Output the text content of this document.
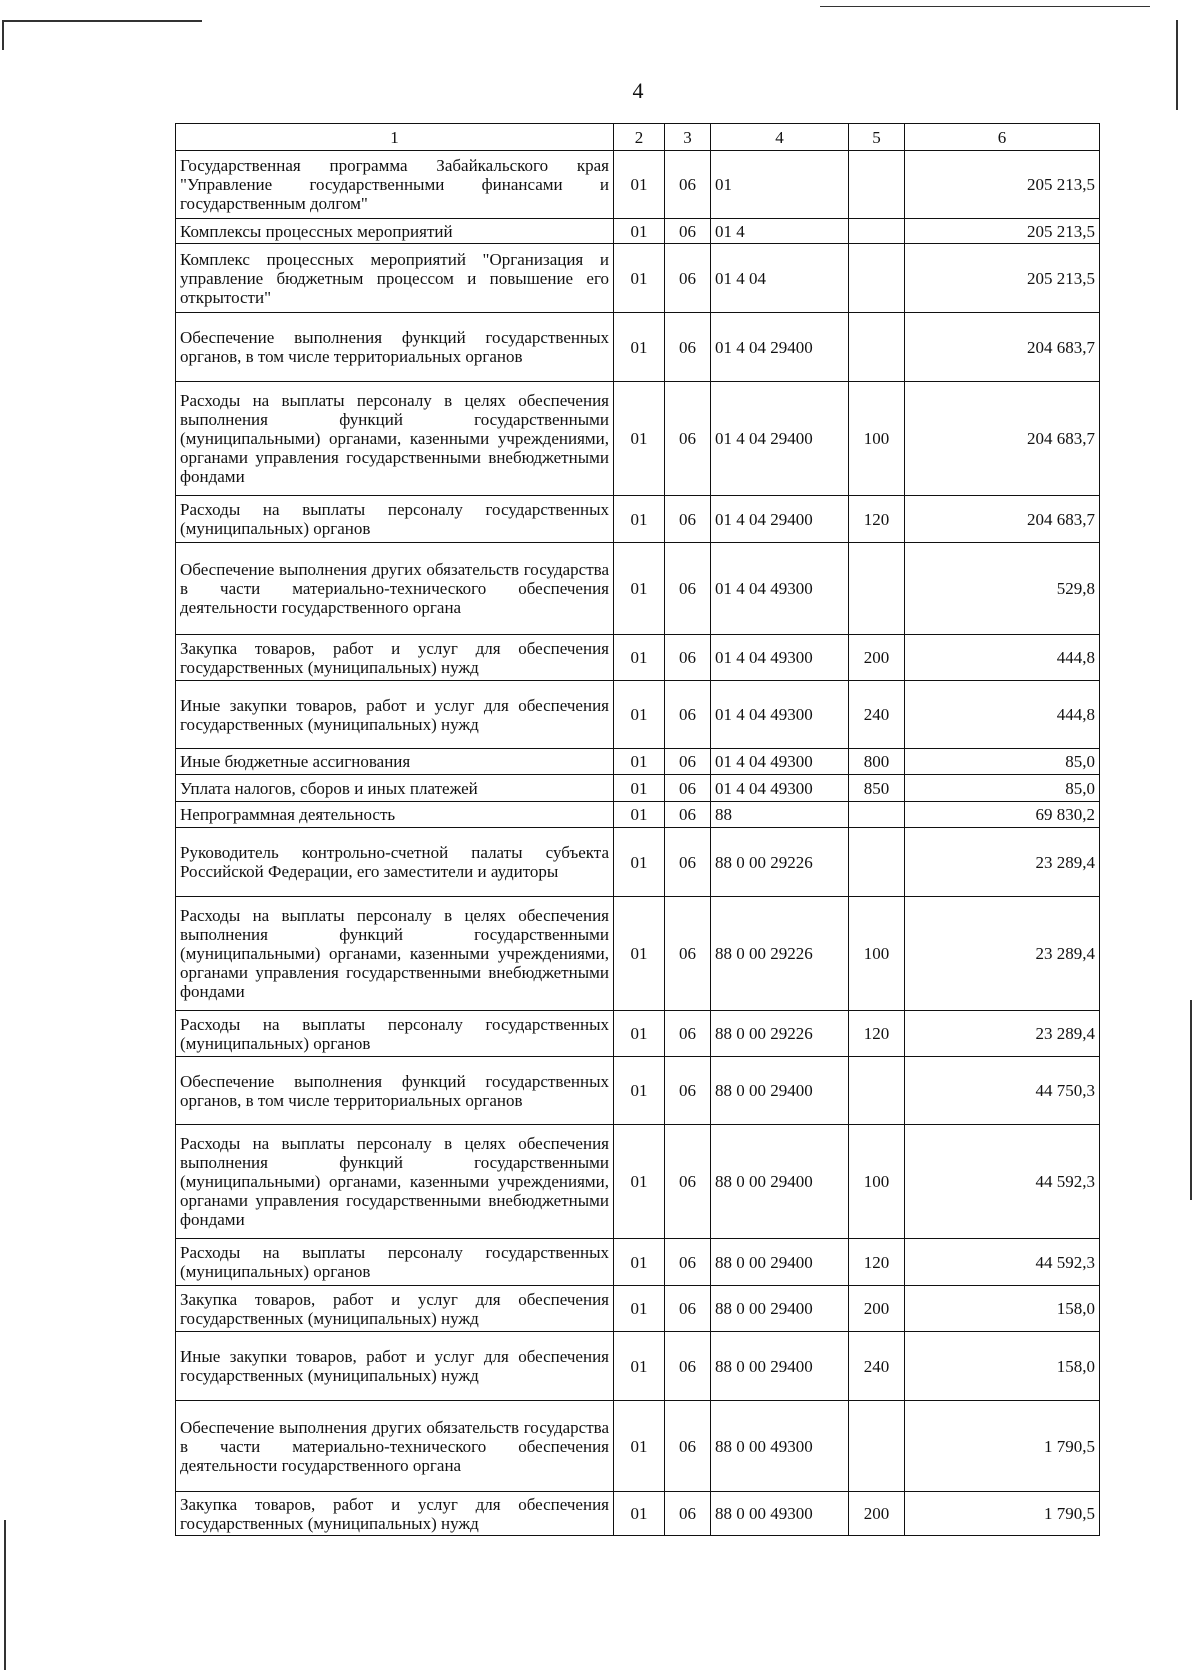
4
1	2	3	4	5	6
Государственная программа Забайкальского края "Управление государственными финансами и государственным долгом"	01	06	01		205 213,5
Комплексы процессных мероприятий	01	06	01 4		205 213,5
Комплекс процессных мероприятий "Организация и управление бюджетным процессом и повышение его открытости"	01	06	01 4 04		205 213,5
Обеспечение выполнения функций государственных органов, в том числе территориальных органов	01	06	01 4 04 29400		204 683,7
Расходы на выплаты персоналу в целях обеспечения выполнения функций государственными (муниципальными) органами, казенными учреждениями, органами управления государственными внебюджетными фондами	01	06	01 4 04 29400	100	204 683,7
Расходы на выплаты персоналу государственных (муниципальных) органов	01	06	01 4 04 29400	120	204 683,7
Обеспечение выполнения других обязательств государства в части материально-технического обеспечения деятельности государственного органа	01	06	01 4 04 49300		529,8
Закупка товаров, работ и услуг для обеспечения государственных (муниципальных) нужд	01	06	01 4 04 49300	200	444,8
Иные закупки товаров, работ и услуг для обеспечения государственных (муниципальных) нужд	01	06	01 4 04 49300	240	444,8
Иные бюджетные ассигнования	01	06	01 4 04 49300	800	85,0
Уплата налогов, сборов и иных платежей	01	06	01 4 04 49300	850	85,0
Непрограммная деятельность	01	06	88		69 830,2
Руководитель контрольно-счетной палаты субъекта Российской Федерации, его заместители и аудиторы	01	06	88 0 00 29226		23 289,4
Расходы на выплаты персоналу в целях обеспечения выполнения функций государственными (муниципальными) органами, казенными учреждениями, органами управления государственными внебюджетными фондами	01	06	88 0 00 29226	100	23 289,4
Расходы на выплаты персоналу государственных (муниципальных) органов	01	06	88 0 00 29226	120	23 289,4
Обеспечение выполнения функций государственных органов, в том числе территориальных органов	01	06	88 0 00 29400		44 750,3
Расходы на выплаты персоналу в целях обеспечения выполнения функций государственными (муниципальными) органами, казенными учреждениями, органами управления государственными внебюджетными фондами	01	06	88 0 00 29400	100	44 592,3
Расходы на выплаты персоналу государственных (муниципальных) органов	01	06	88 0 00 29400	120	44 592,3
Закупка товаров, работ и услуг для обеспечения государственных (муниципальных) нужд	01	06	88 0 00 29400	200	158,0
Иные закупки товаров, работ и услуг для обеспечения государственных (муниципальных) нужд	01	06	88 0 00 29400	240	158,0
Обеспечение выполнения других обязательств государства в части материально-технического обеспечения деятельности государственного органа	01	06	88 0 00 49300		1 790,5
Закупка товаров, работ и услуг для обеспечения государственных (муниципальных) нужд	01	06	88 0 00 49300	200	1 790,5
